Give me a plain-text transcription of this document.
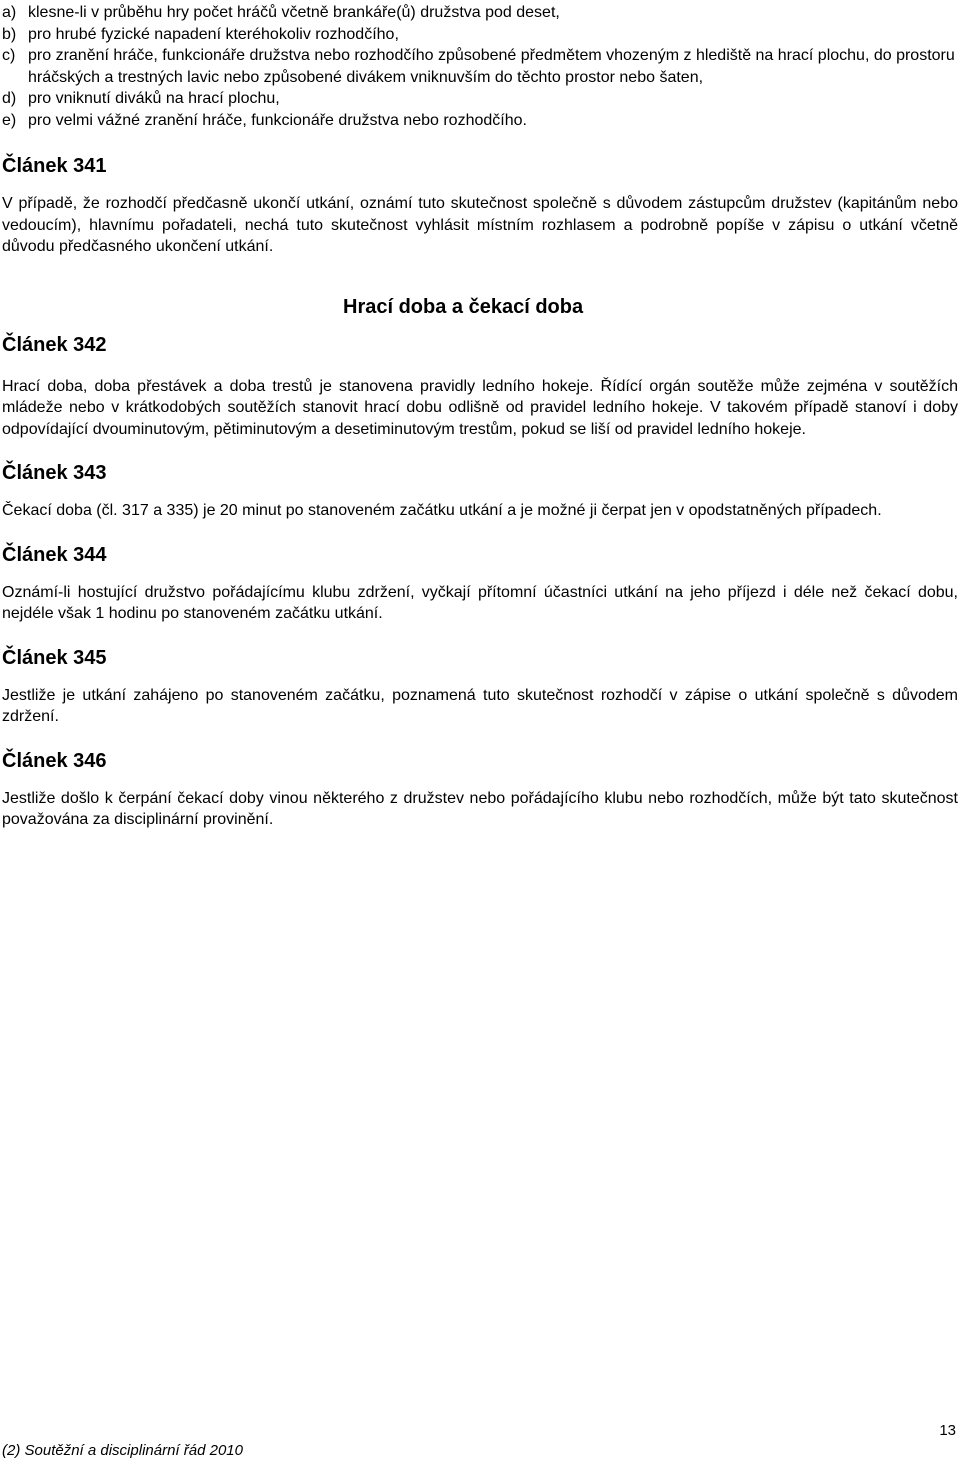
a) klesne-li v průběhu hry počet hráčů včetně brankáře(ů) družstva pod deset,
b) pro hrubé fyzické napadení kteréhokoliv rozhodčího,
c) pro zranění hráče, funkcionáře družstva nebo rozhodčího způsobené předmětem vhozeným z hlediště na hrací plochu, do prostoru hráčských a trestných lavic nebo způsobené divákem vniknuvším do těchto prostor nebo šaten,
d) pro vniknutí diváků na hrací plochu,
e) pro velmi vážné zranění hráče, funkcionáře družstva nebo rozhodčího.
Článek 341

V případě, že rozhodčí předčasně ukončí utkání, oznámí tuto skutečnost společně s důvodem zástupcům družstev (kapitánům nebo vedoucím), hlavnímu pořadateli, nechá tuto skutečnost vyhlásit místním rozhlasem a podrobně popíše v zápisu o utkání včetně důvodu předčasného ukončení utkání.

Hrací doba a čekací doba
Článek 342

Hrací doba, doba přestávek a doba trestů je stanovena pravidly ledního hokeje. Řídící orgán soutěže může zejména v soutěžích mládeže nebo v krátkodobých soutěžích stanovit hrací dobu odlišně od pravidel ledního hokeje. V takovém případě stanoví i doby odpovídající dvouminutovým, pětiminutovým a desetiminutovým trestům, pokud se liší od pravidel ledního hokeje.

Článek 343

Čekací doba (čl. 317 a 335) je 20 minut po stanoveném začátku utkání a je možné ji čerpat jen v opodstatněných případech.

Článek 344

Oznámí-li hostující družstvo pořádajícímu klubu zdržení, vyčkají přítomní účastníci utkání na jeho příjezd i déle než čekací dobu, nejdéle však 1 hodinu po stanoveném začátku utkání.

Článek 345

Jestliže je utkání zahájeno po stanoveném začátku, poznamená tuto skutečnost rozhodčí v zápise o utkání společně s důvodem zdržení.

Článek 346

Jestliže došlo k čerpání čekací doby vinou některého z družstev nebo pořádajícího klubu nebo rozhodčích, může být tato skutečnost považována za disciplinární provinění.

13
(2) Soutěžní a disciplinární řád 2010
